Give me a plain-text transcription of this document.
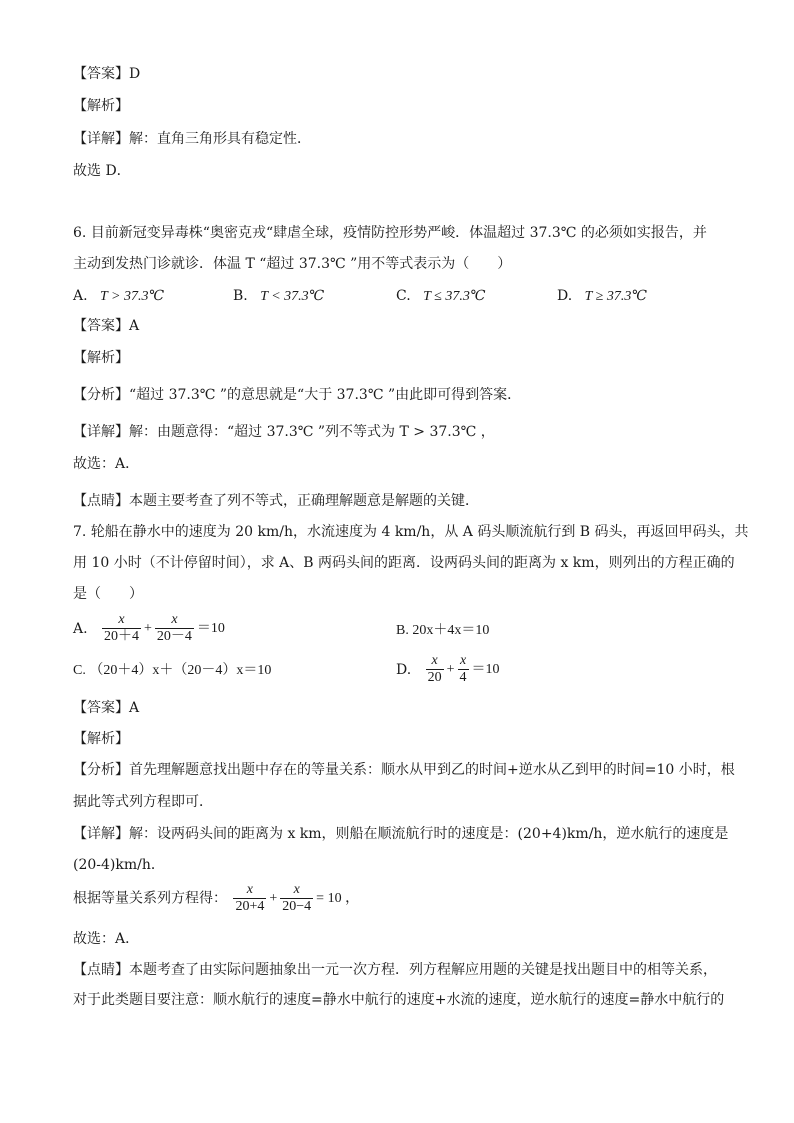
【答案】D
【解析】
【详解】解：直角三角形具有稳定性．
故选 D．
6. 目前新冠变异毒株“奥密克戎“肆虐全球，疫情防控形势严峻．体温超过 37.3℃ 的必须如实报告，并
主动到发热门诊就诊．体温 T “超过 37.3℃ ”用不等式表示为（　　）
A. T > 37.3℃	B. T < 37.3℃	C. T ≤ 37.3℃	D. T ≥ 37.3℃
【答案】A
【解析】
【分析】“超过 37.3℃ ”的意思就是“大于 37.3℃ ”由此即可得到答案．
【详解】解：由题意得：“超过 37.3℃ ”列不等式为 T > 37.3℃ ，
故选：A．
【点睛】本题主要考查了列不等式，正确理解题意是解题的关键．
7. 轮船在静水中的速度为 20 km/h，水流速度为 4 km/h，从 A 码头顺流航行到 B 码头，再返回甲码头，共
用 10 小时（不计停留时间），求 A、B 两码头间的距离．设两码头间的距离为 x km，则列出的方程正确的
是（　　）
A. $\frac{x}{20+4} + \frac{x}{20-4} =10$	B. 20x＋4x＝10
C. （20＋4）x＋（20－4）x＝10	D. $\frac{x}{20} + \frac{x}{4} =10$
【答案】A
【解析】
【分析】首先理解题意找出题中存在的等量关系：顺水从甲到乙的时间+逆水从乙到甲的时间=10 小时，根
据此等式列方程即可．
【详解】解：设两码头间的距离为 x km，则船在顺流航行时的速度是：(20+4)km/h，逆水航行的速度是
(20-4)km/h．
根据等量关系列方程得： $\frac{x}{20+4} + \frac{x}{20-4} = 10$ ，
故选：A．
【点睛】本题考查了由实际问题抽象出一元一次方程．列方程解应用题的关键是找出题目中的相等关系，
对于此类题目要注意：顺水航行的速度=静水中航行的速度+水流的速度，逆水航行的速度=静水中航行的
